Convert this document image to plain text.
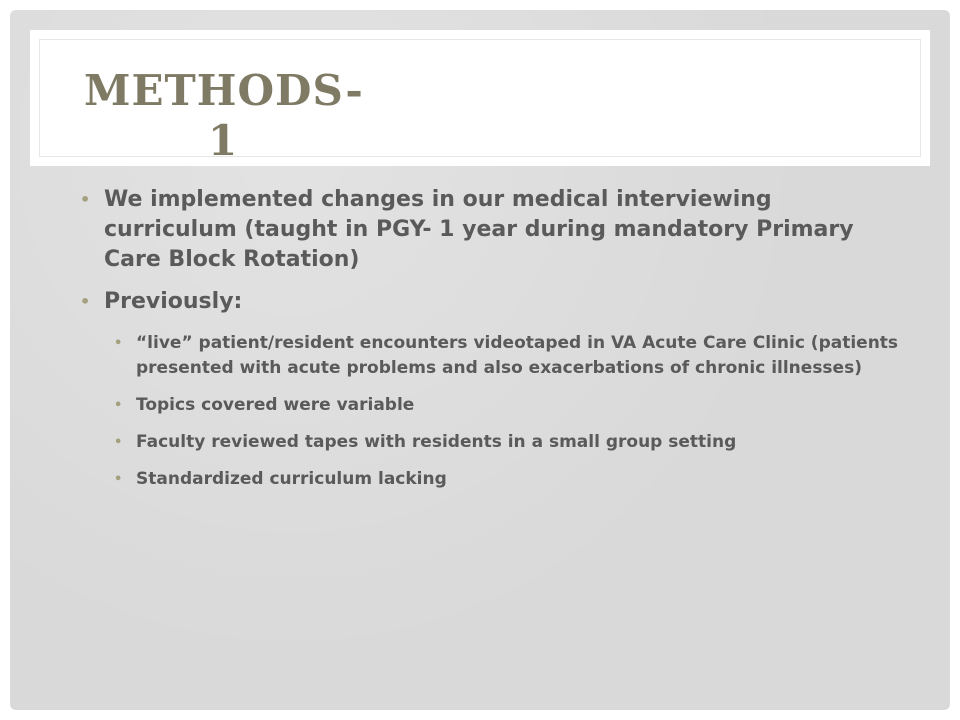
METHODS-
1
• We implemented changes in our medical interviewing curriculum (taught in PGY- 1 year during mandatory Primary Care Block Rotation)
• Previously:
• “live” patient/resident encounters videotaped in VA Acute Care Clinic (patients presented with acute problems and also exacerbations of chronic illnesses)
• Topics covered were variable
• Faculty reviewed tapes with residents in a small group setting
• Standardized curriculum lacking
